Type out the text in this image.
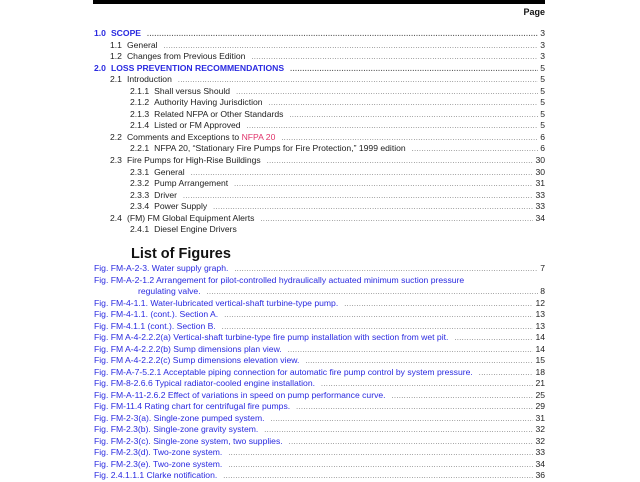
Page
1.0 SCOPE .....	3
1.1 General .....	3
1.2 Changes from Previous Edition .....	3
2.0 LOSS PREVENTION RECOMMENDATIONS .....	5
2.1 Introduction .....	5
2.1.1 Shall versus Should .....	5
2.1.2 Authority Having Jurisdiction .....	5
2.1.3 Related NFPA or Other Standards .....	5
2.1.4 Listed or FM Approved .....	5
2.2 Comments and Exceptions to NFPA 20 .....	6
2.2.1 NFPA 20, “Stationary Fire Pumps for Fire Protection,” 1999 edition .....	6
2.3 Fire Pumps for High-Rise Buildings .....	30
2.3.1 General .....	30
2.3.2 Pump Arrangement .....	31
2.3.3 Driver .....	33
2.3.4 Power Supply .....	33
2.4 (FM) FM Global Equipment Alerts .....	34
2.4.1 Diesel Engine Drivers
List of Figures
Fig. FM-A-2-3. Water supply graph. .....	7
Fig. FM-A-2-1.2 Arrangement for pilot-controlled hydraulically actuated minimum suction pressure
regulating valve. .....	8
Fig. FM-4-1.1. Water-lubricated vertical-shaft turbine-type pump. .....	12
Fig. FM-4-1.1. (cont.). Section A. .....	13
Fig. FM-4.1.1 (cont.). Section B. .....	13
Fig. FM A-4-2.2.2(a) Vertical-shaft turbine-type fire pump installation with section from wet pit. .....	14
Fig. FM A-4-2.2.2(b) Sump dimensions plan view. .....	14
Fig. FM A-4-2.2.2(c) Sump dimensions elevation view. .....	15
Fig. FM-A-7-5.2.1 Acceptable piping connection for automatic fire pump control by system pressure. .....	18
Fig. FM-8-2.6.6 Typical radiator-cooled engine installation. .....	21
Fig. FM-A-11-2.6.2 Effect of variations in speed on pump performance curve. .....	25
Fig. FM-11.4 Rating chart for centrifugal fire pumps. .....	29
Fig. FM-2-3(a). Single-zone pumped system. .....	31
Fig. FM-2.3(b). Single-zone gravity system. .....	32
Fig. FM-2-3(c). Single-zone system, two supplies. .....	32
Fig. FM-2.3(d). Two-zone system. .....	33
Fig. FM-2.3(e). Two-zone system. .....	34
Fig. 2.4.1.1.1 Clarke notification. .....	36
